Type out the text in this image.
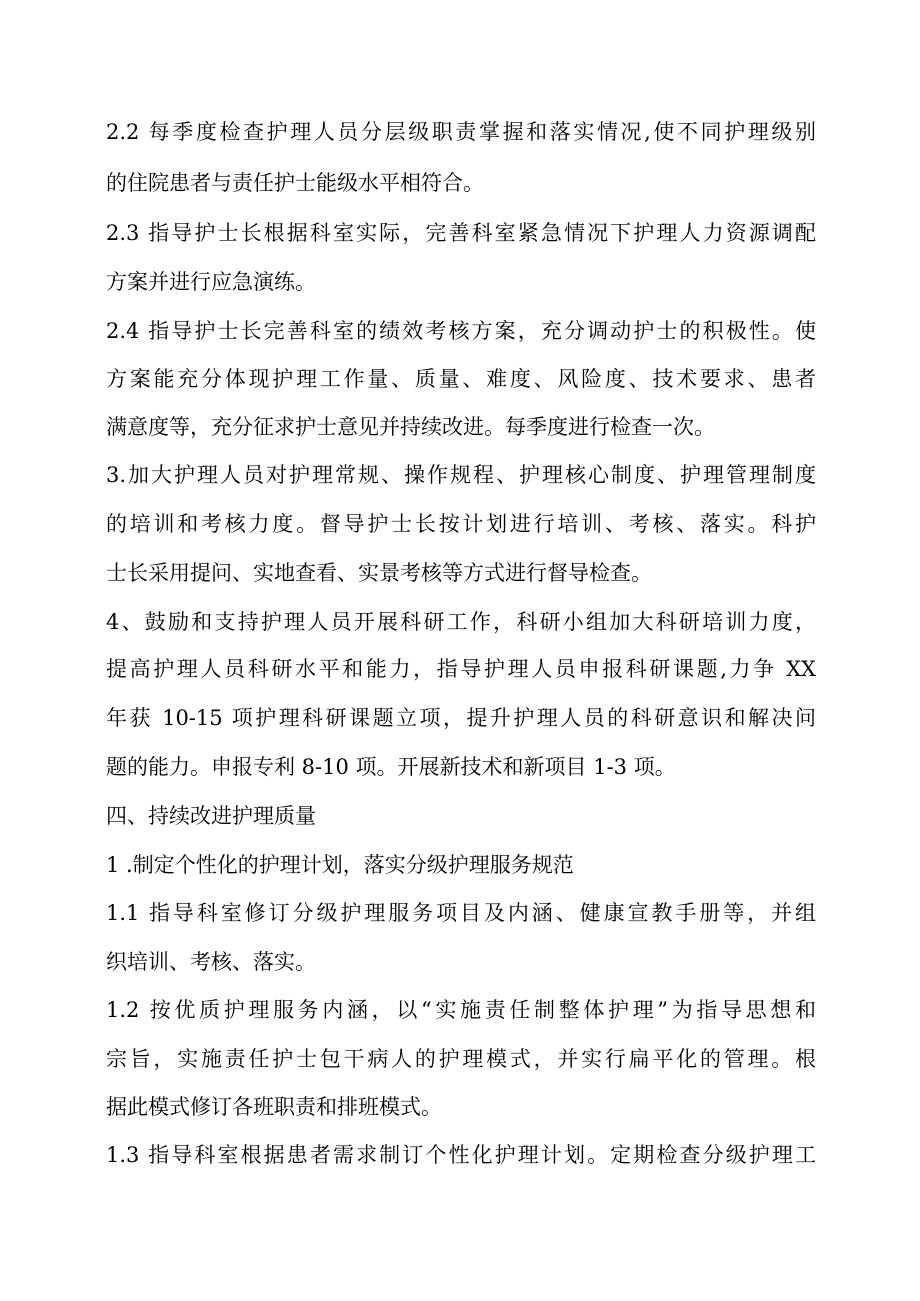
2.2 每季度检查护理人员分层级职责掌握和落实情况,使不同护理级别
的住院患者与责任护士能级水平相符合。
2.3 指导护士长根据科室实际，完善科室紧急情况下护理人力资源调配
方案并进行应急演练。
2.4 指导护士长完善科室的绩效考核方案，充分调动护士的积极性。使
方案能充分体现护理工作量、质量、难度、风险度、技术要求、患者
满意度等，充分征求护士意见并持续改进。每季度进行检查一次。
3.加大护理人员对护理常规、操作规程、护理核心制度、护理管理制度
的培训和考核力度。督导护士长按计划进行培训、考核、落实。科护
士长采用提问、实地查看、实景考核等方式进行督导检查。
4、鼓励和支持护理人员开展科研工作，科研小组加大科研培训力度，
提高护理人员科研水平和能力，指导护理人员申报科研课题,力争 XX
年获 10-15 项护理科研课题立项，提升护理人员的科研意识和解决问
题的能力。申报专利 8-10 项。开展新技术和新项目 1-3 项。
四、持续改进护理质量
1 .制定个性化的护理计划，落实分级护理服务规范
1.1 指导科室修订分级护理服务项目及内涵、健康宣教手册等，并组
织培训、考核、落实。
1.2 按优质护理服务内涵，以“实施责任制整体护理”为指导思想和
宗旨，实施责任护士包干病人的护理模式，并实行扁平化的管理。根
据此模式修订各班职责和排班模式。
1.3 指导科室根据患者需求制订个性化护理计划。定期检查分级护理工
